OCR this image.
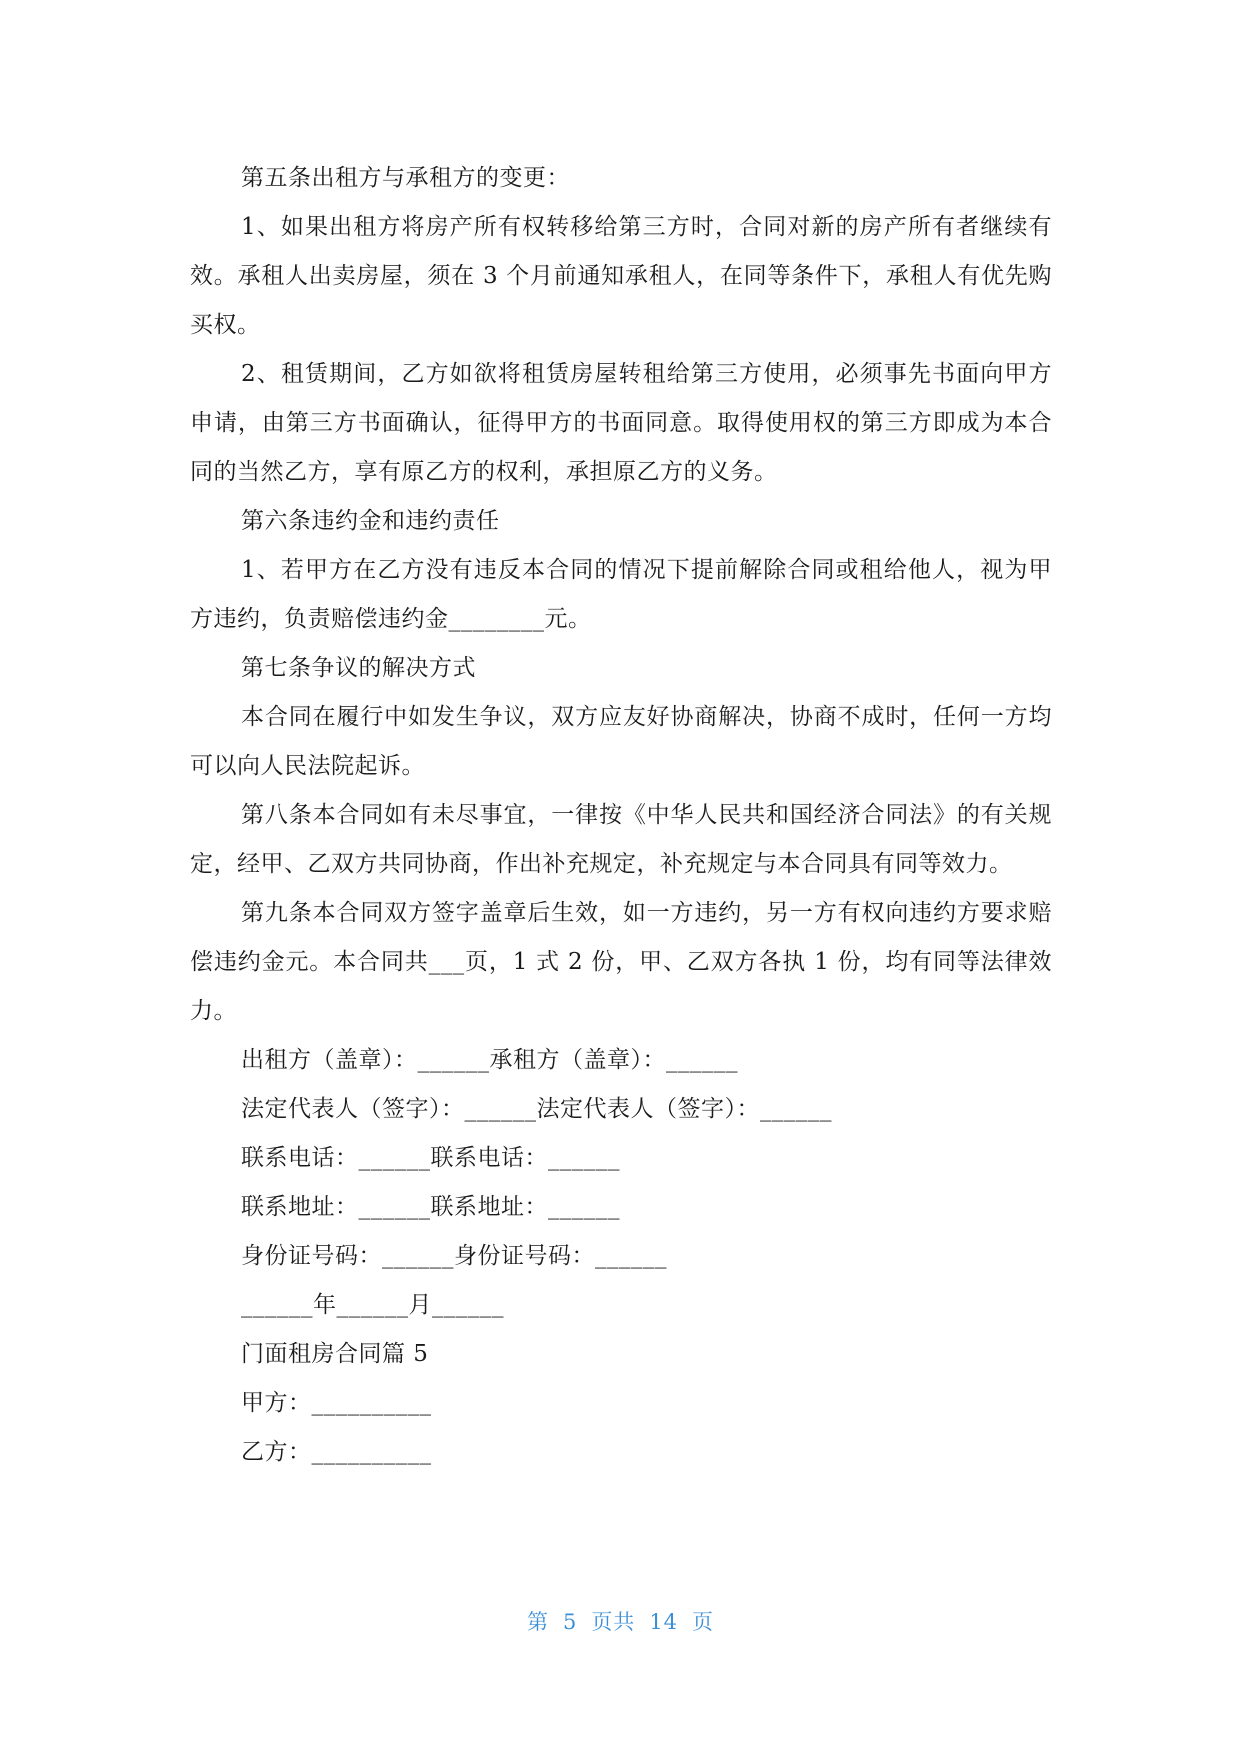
第五条出租方与承租方的变更：

1、如果出租方将房产所有权转移给第三方时，合同对新的房产所有者继续有效。承租人出卖房屋，须在 3 个月前通知承租人，在同等条件下，承租人有优先购买权。

2、租赁期间，乙方如欲将租赁房屋转租给第三方使用，必须事先书面向甲方申请，由第三方书面确认，征得甲方的书面同意。取得使用权的第三方即成为本合同的当然乙方，享有原乙方的权利，承担原乙方的义务。

第六条违约金和违约责任

1、若甲方在乙方没有违反本合同的情况下提前解除合同或租给他人，视为甲方违约，负责赔偿违约金________元。

第七条争议的解决方式

本合同在履行中如发生争议，双方应友好协商解决，协商不成时，任何一方均可以向人民法院起诉。

第八条本合同如有未尽事宜，一律按《中华人民共和国经济合同法》的有关规定，经甲、乙双方共同协商，作出补充规定，补充规定与本合同具有同等效力。

第九条本合同双方签字盖章后生效，如一方违约，另一方有权向违约方要求赔偿违约金元。本合同共___页，1 式 2 份，甲、乙双方各执 1 份，均有同等法律效力。

出租方（盖章）：______承租方（盖章）：______

法定代表人（签字）：______法定代表人（签字）：______

联系电话：______联系电话：______

联系地址：______联系地址：______

身份证号码：______身份证号码：______

______年______月______

门面租房合同篇 5

甲方：__________

乙方：__________

第 5 页共 14 页
